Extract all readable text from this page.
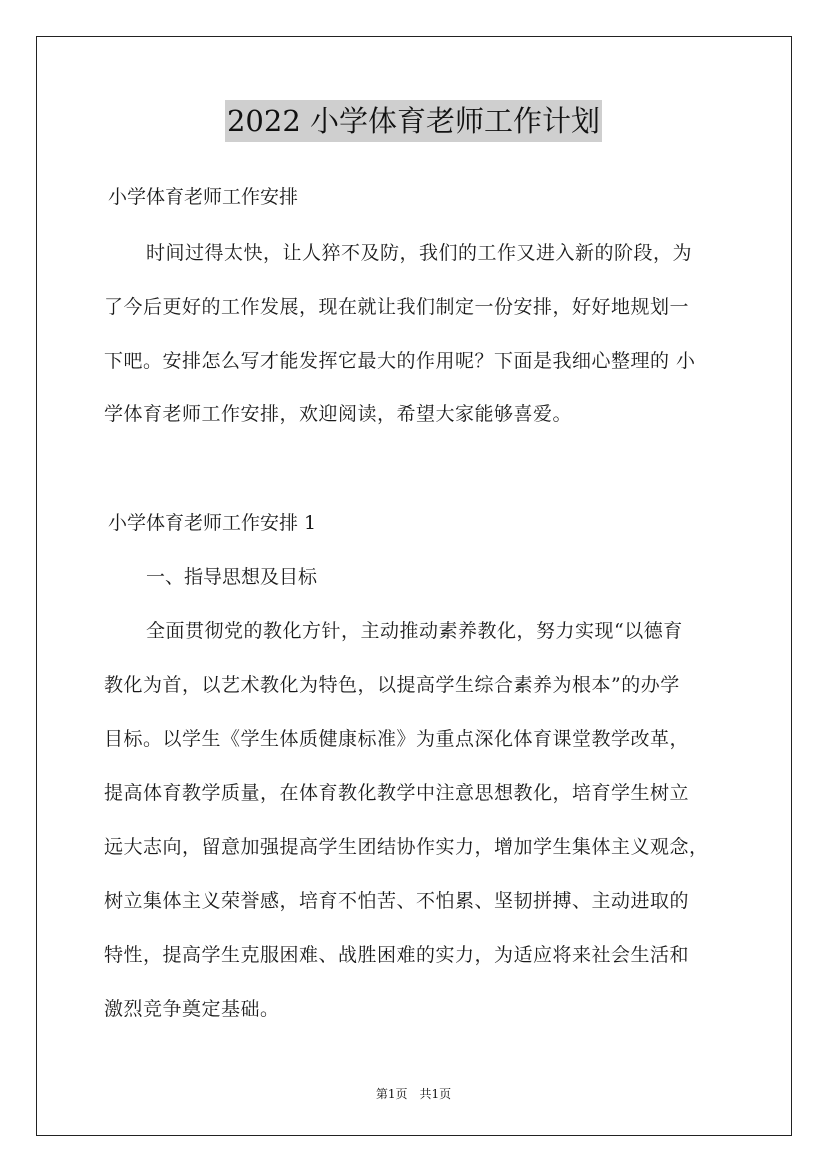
2022 小学体育老师工作计划
小学体育老师工作安排
时间过得太快，让人猝不及防，我们的工作又进入新的阶段，为
了今后更好的工作发展，现在就让我们制定一份安排，好好地规划一
下吧。安排怎么写才能发挥它最大的作用呢？下面是我细心整理的 小
学体育老师工作安排，欢迎阅读，希望大家能够喜爱。
小学体育老师工作安排 1
一、指导思想及目标
全面贯彻党的教化方针，主动推动素养教化，努力实现“以德育
教化为首，以艺术教化为特色，以提高学生综合素养为根本”的办学
目标。以学生《学生体质健康标准》为重点深化体育课堂教学改革，
提高体育教学质量，在体育教化教学中注意思想教化，培育学生树立
远大志向，留意加强提高学生团结协作实力，增加学生集体主义观念，
树立集体主义荣誉感，培育不怕苦、不怕累、坚韧拼搏、主动进取的
特性，提高学生克服困难、战胜困难的实力，为适应将来社会生活和
激烈竞争奠定基础。
第1页　共1页
